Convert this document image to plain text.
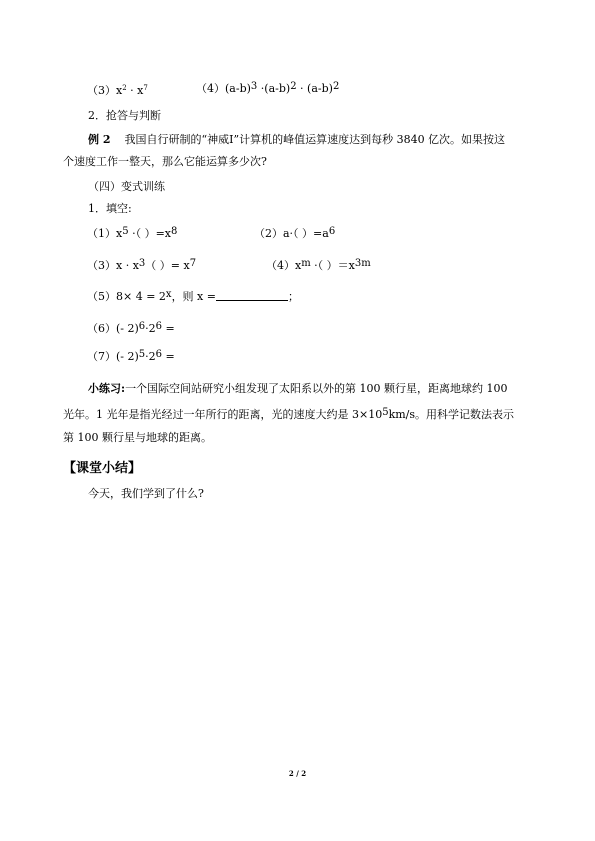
$(3)x^2 \cdot x^7$	（4）(a-b)3 ·(a-b)2 · (a-b)2
2．抢答与判断
例 2 我国自行研制的“神威Ⅰ”计算机的峰值运算速度达到每秒 3840 亿次。如果按这
个速度工作一整天，那么它能运算多少次?
（四）变式训练
1．填空:
（1）x5 ·（ ）=x8	（2）a·（ ）=a6
（3）x · x3（ ）= x7	（4）xm ·（ ）＝x3m
（5）8× 4 = 2x，则 x =	；
（6）(- 2)6·26 =
（7）(- 2)5·26 =
小练习:一个国际空间站研究小组发现了太阳系以外的第 100 颗行星，距离地球约 100
光年。1 光年是指光经过一年所行的距离，光的速度大约是 3×105km/s。用科学记数法表示
第 100 颗行星与地球的距离。
【课堂小结】
今天，我们学到了什么?
2 / 2
